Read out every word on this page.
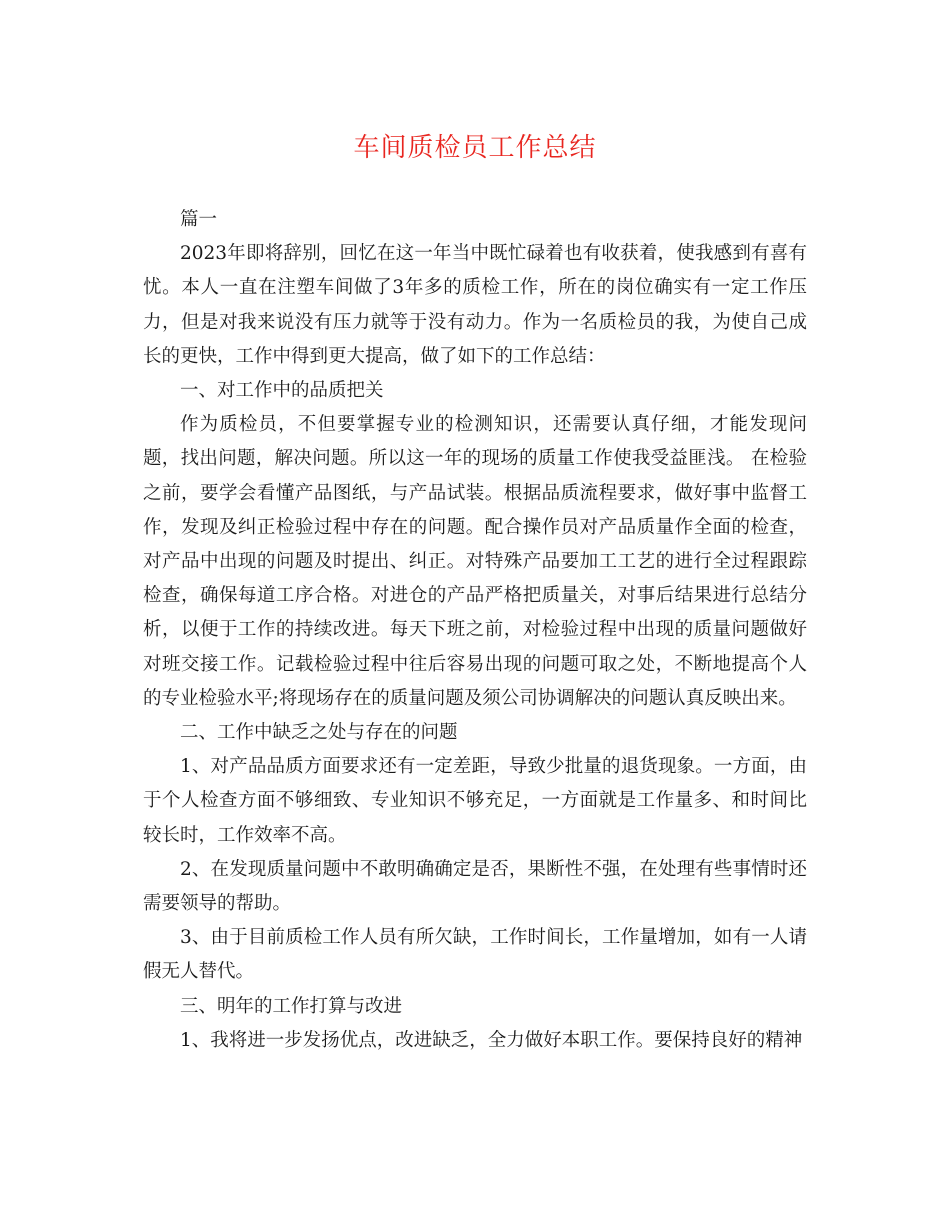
车间质检员工作总结

篇一

2023年即将辞别，回忆在这一年当中既忙碌着也有收获着，使我感到有喜有忧。本人一直在注塑车间做了3年多的质检工作，所在的岗位确实有一定工作压力，但是对我来说没有压力就等于没有动力。作为一名质检员的我，为使自己成长的更快，工作中得到更大提高，做了如下的工作总结：

一、对工作中的品质把关

作为质检员，不但要掌握专业的检测知识，还需要认真仔细，才能发现问题，找出问题，解决问题。所以这一年的现场的质量工作使我受益匪浅。 在检验之前，要学会看懂产品图纸，与产品试装。根据品质流程要求，做好事中监督工作，发现及纠正检验过程中存在的问题。配合操作员对产品质量作全面的检查，对产品中出现的问题及时提出、纠正。对特殊产品要加工工艺的进行全过程跟踪检查，确保每道工序合格。对进仓的产品严格把质量关，对事后结果进行总结分析，以便于工作的持续改进。每天下班之前，对检验过程中出现的质量问题做好对班交接工作。记载检验过程中往后容易出现的问题可取之处，不断地提高个人的专业检验水平;将现场存在的质量问题及须公司协调解决的问题认真反映出来。

二、工作中缺乏之处与存在的问题

1、对产品品质方面要求还有一定差距，导致少批量的退货现象。一方面，由于个人检查方面不够细致、专业知识不够充足，一方面就是工作量多、和时间比较长时，工作效率不高。

2、在发现质量问题中不敢明确确定是否，果断性不强，在处理有些事情时还需要领导的帮助。

3、由于目前质检工作人员有所欠缺，工作时间长，工作量增加，如有一人请假无人替代。

三、明年的工作打算与改进

1、我将进一步发扬优点，改进缺乏，全力做好本职工作。要保持良好的精神
